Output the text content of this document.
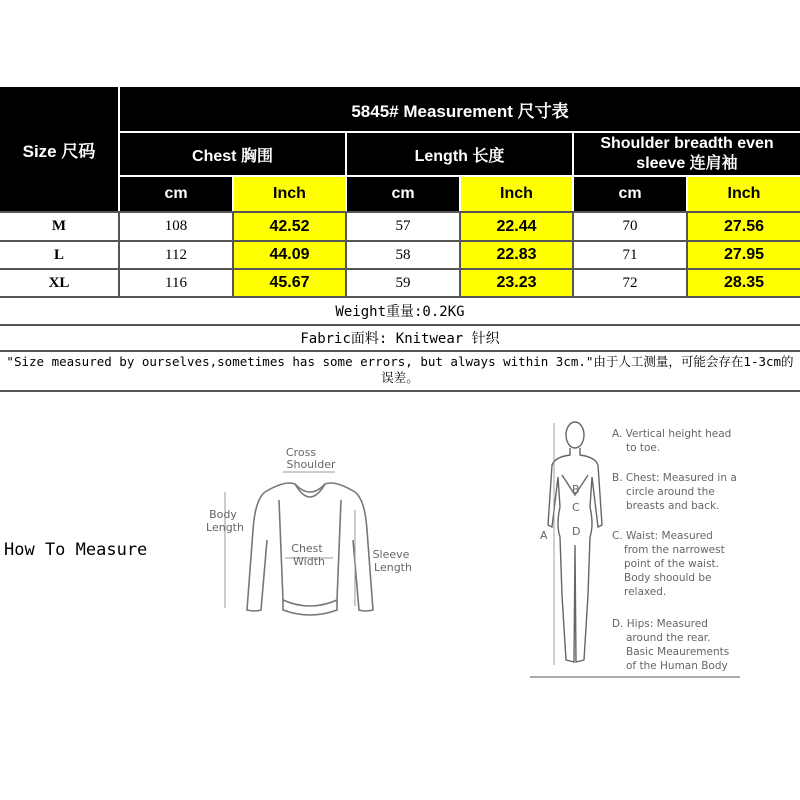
Size 尺码
5845# Measurement 尺寸表
Chest 胸围	Length 长度
Shoulder breadth even sleeve 连肩袖
cm	Inch	cm	Inch	cm	Inch
M	108	42.52	57	22.44	70	27.56
L	112	44.09	58	22.83	71	27.95
XL	116	45.67	59	23.23	72	28.35
Weight重量:0.2KG
Fabric面料: Knitwear 针织
"Size measured by ourselves,sometimes has some errors, but always within 3cm."由于人工测量，可能会存在1-3cm的误差。
How To Measure
Cross
Shoulder
Body
Length
Chest
Width
Sleeve
Length
A
B
C
D
A. Vertical height head
to toe.
B. Chest: Measured in a
circle around the
breasts and back.
C. Waist: Measured
from the narrowest
point of the waist.
Body shoould be
relaxed.
D. Hips: Measured
around the rear.
Basic Meaurements
of the Human Body
